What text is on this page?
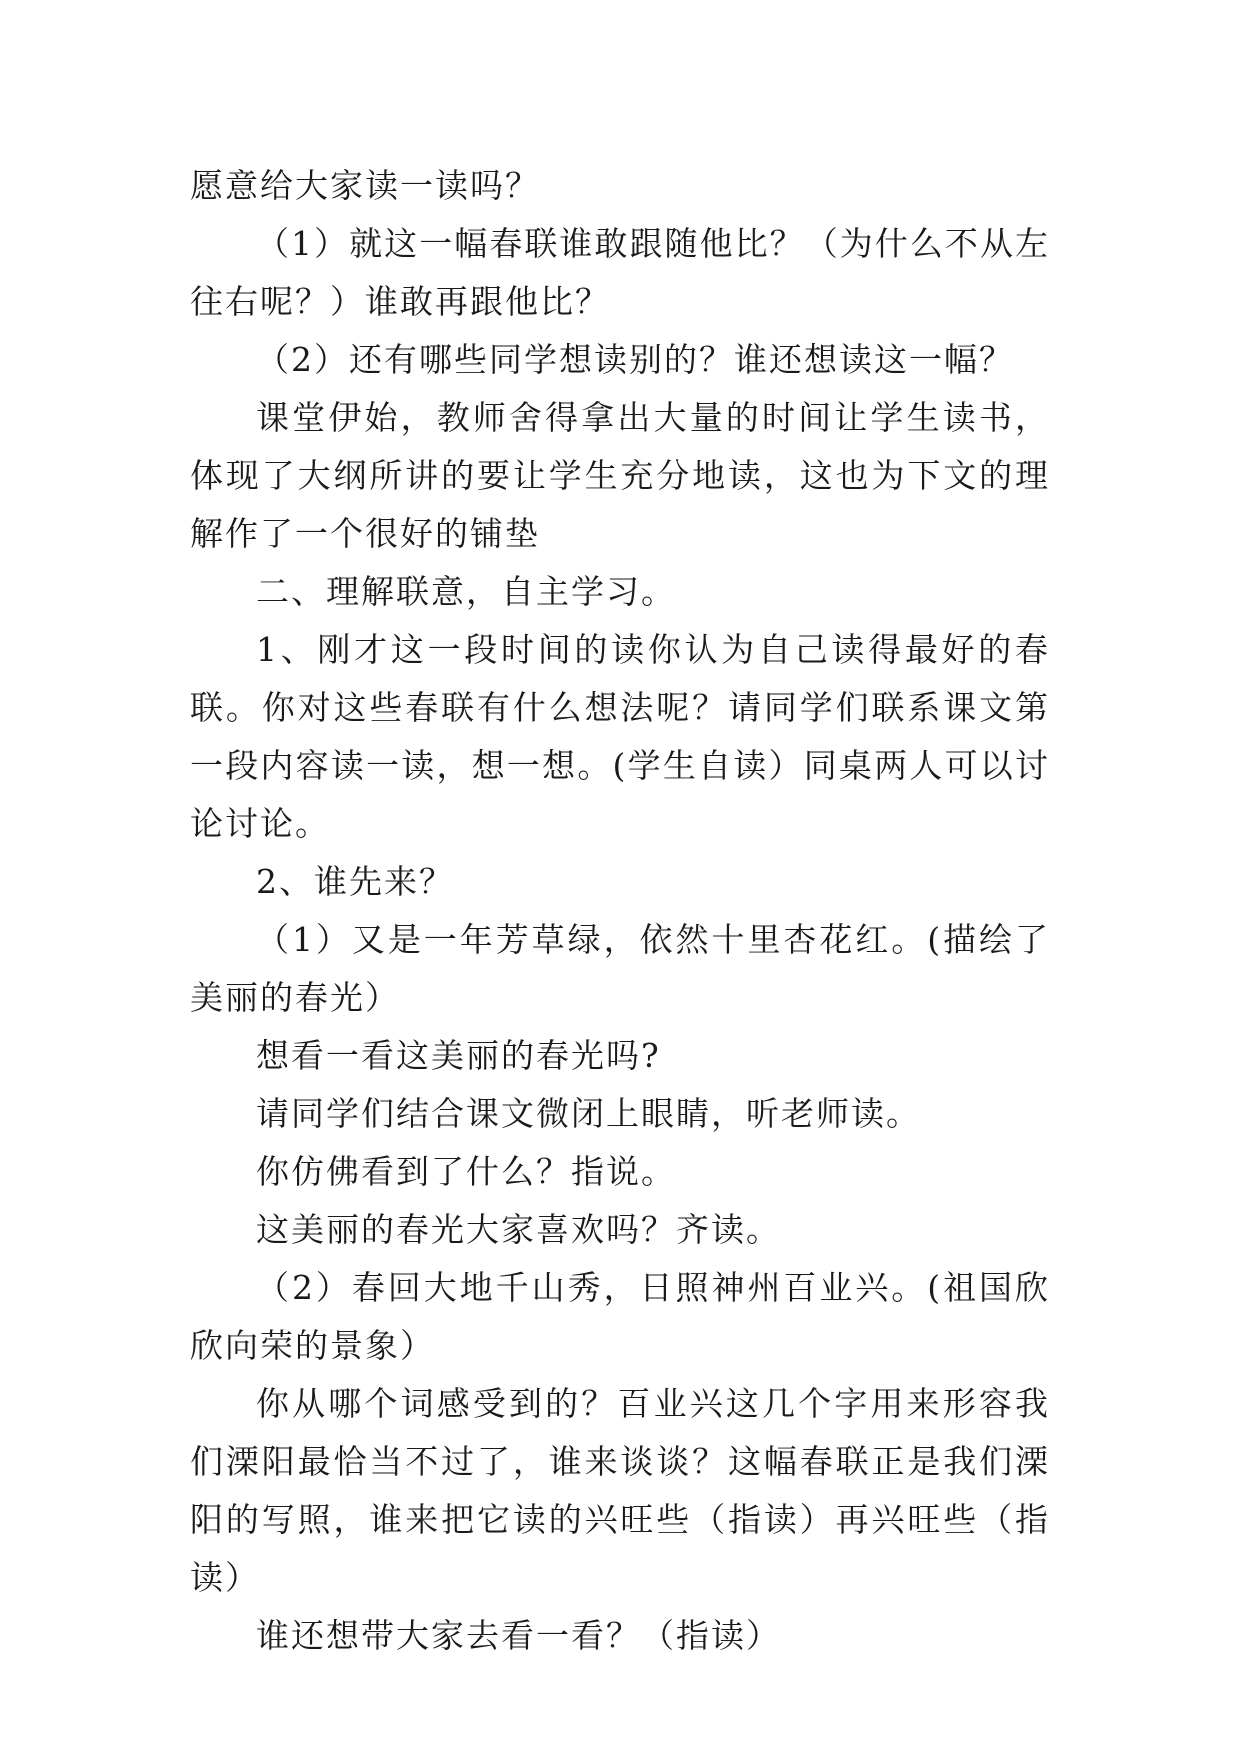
愿意给大家读一读吗？

（1）就这一幅春联谁敢跟随他比？（为什么不从左往右呢？）谁敢再跟他比？

（2）还有哪些同学想读别的？谁还想读这一幅？

课堂伊始，教师舍得拿出大量的时间让学生读书，体现了大纲所讲的要让学生充分地读，这也为下文的理解作了一个很好的铺垫

二、理解联意，自主学习。

1、刚才这一段时间的读你认为自己读得最好的春联。你对这些春联有什么想法呢？请同学们联系课文第一段内容读一读，想一想。(学生自读）同桌两人可以讨论讨论。

2、谁先来？

（1）又是一年芳草绿，依然十里杏花红。(描绘了美丽的春光）

想看一看这美丽的春光吗?

请同学们结合课文微闭上眼睛，听老师读。

你仿佛看到了什么？指说。

这美丽的春光大家喜欢吗？齐读。

（2）春回大地千山秀，日照神州百业兴。(祖国欣欣向荣的景象）

你从哪个词感受到的？百业兴这几个字用来形容我们溧阳最恰当不过了，谁来谈谈？这幅春联正是我们溧阳的写照，谁来把它读的兴旺些（指读）再兴旺些（指读）

谁还想带大家去看一看？（指读）
